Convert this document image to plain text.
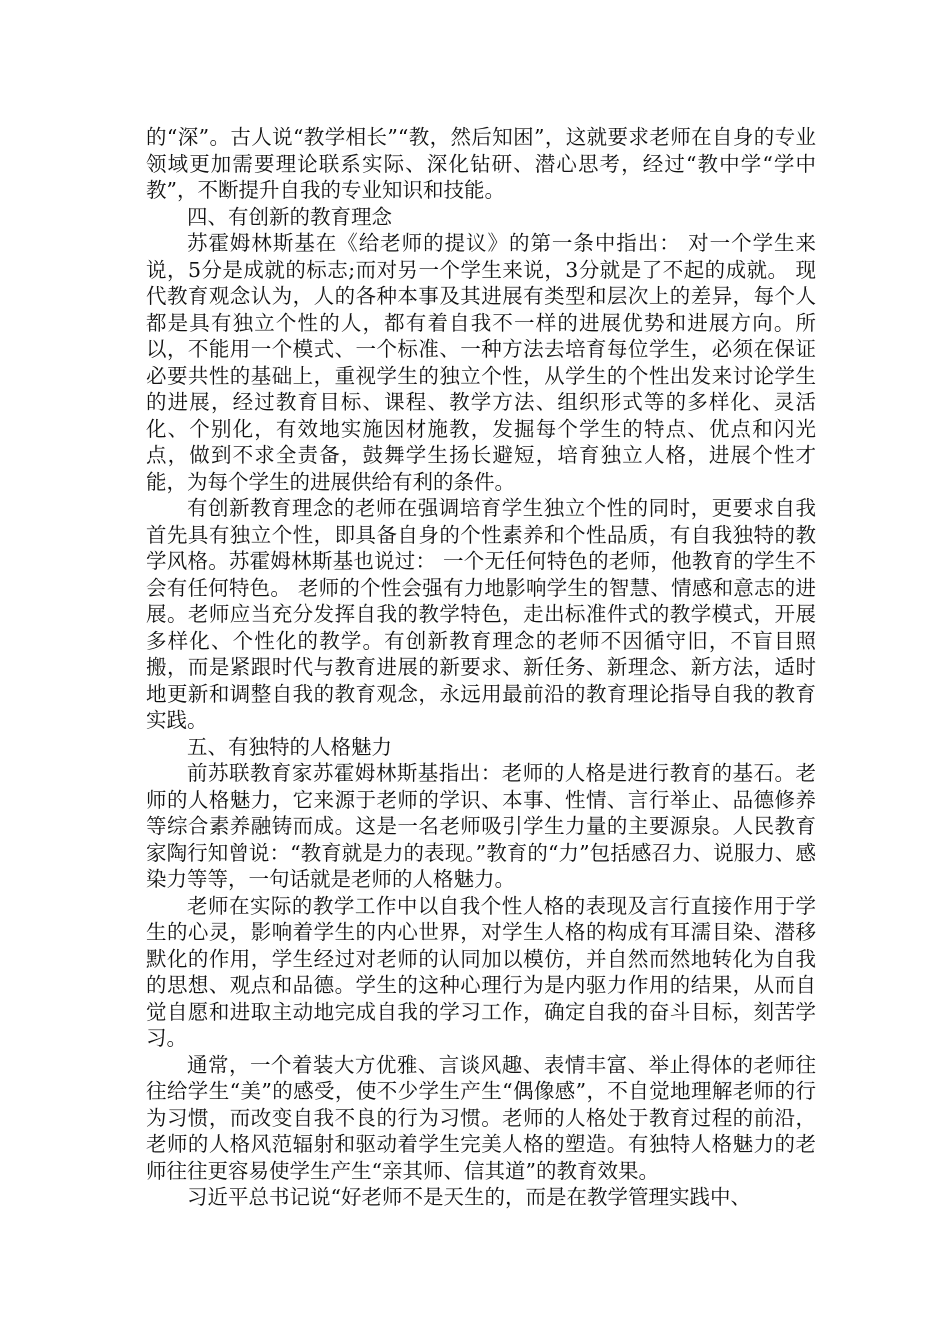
的“深”。古人说“教学相长”“教，然后知困”，这就要求老师在自身的专业领域更加需要理论联系实际、深化钻研、潜心思考，经过“教中学“学中教”，不断提升自我的专业知识和技能。

四、有创新的教育理念

苏霍姆林斯基在《给老师的提议》的第一条中指出： 对一个学生来说，5分是成就的标志;而对另一个学生来说，3分就是了不起的成就。 现代教育观念认为，人的各种本事及其进展有类型和层次上的差异，每个人都是具有独立个性的人，都有着自我不一样的进展优势和进展方向。所以，不能用一个模式、一个标准、一种方法去培育每位学生，必须在保证必要共性的基础上，重视学生的独立个性，从学生的个性出发来讨论学生的进展，经过教育目标、课程、教学方法、组织形式等的多样化、灵活化、个别化，有效地实施因材施教，发掘每个学生的特点、优点和闪光点，做到不求全责备，鼓舞学生扬长避短，培育独立人格，进展个性才能，为每个学生的进展供给有利的条件。

有创新教育理念的老师在强调培育学生独立个性的同时，更要求自我首先具有独立个性，即具备自身的个性素养和个性品质，有自我独特的教学风格。苏霍姆林斯基也说过： 一个无任何特色的老师，他教育的学生不会有任何特色。 老师的个性会强有力地影响学生的智慧、情感和意志的进展。老师应当充分发挥自我的教学特色，走出标准件式的教学模式，开展多样化、个性化的教学。有创新教育理念的老师不因循守旧，不盲目照搬，而是紧跟时代与教育进展的新要求、新任务、新理念、新方法，适时地更新和调整自我的教育观念，永远用最前沿的教育理论指导自我的教育实践。

五、有独特的人格魅力

前苏联教育家苏霍姆林斯基指出：老师的人格是进行教育的基石。老师的人格魅力，它来源于老师的学识、本事、性情、言行举止、品德修养等综合素养融铸而成。这是一名老师吸引学生力量的主要源泉。人民教育家陶行知曾说：“教育就是力的表现。”教育的“力”包括感召力、说服力、感染力等等，一句话就是老师的人格魅力。

老师在实际的教学工作中以自我个性人格的表现及言行直接作用于学生的心灵，影响着学生的内心世界，对学生人格的构成有耳濡目染、潜移默化的作用，学生经过对老师的认同加以模仿，并自然而然地转化为自我的思想、观点和品德。学生的这种心理行为是内驱力作用的结果，从而自觉自愿和进取主动地完成自我的学习工作，确定自我的奋斗目标，刻苦学习。

通常，一个着装大方优雅、言谈风趣、表情丰富、举止得体的老师往往给学生“美”的感受，使不少学生产生“偶像感”，不自觉地理解老师的行为习惯，而改变自我不良的行为习惯。老师的人格处于教育过程的前沿，老师的人格风范辐射和驱动着学生完美人格的塑造。有独特人格魅力的老师往往更容易使学生产生“亲其师、信其道”的教育效果。

习近平总书记说“好老师不是天生的，而是在教学管理实践中、
